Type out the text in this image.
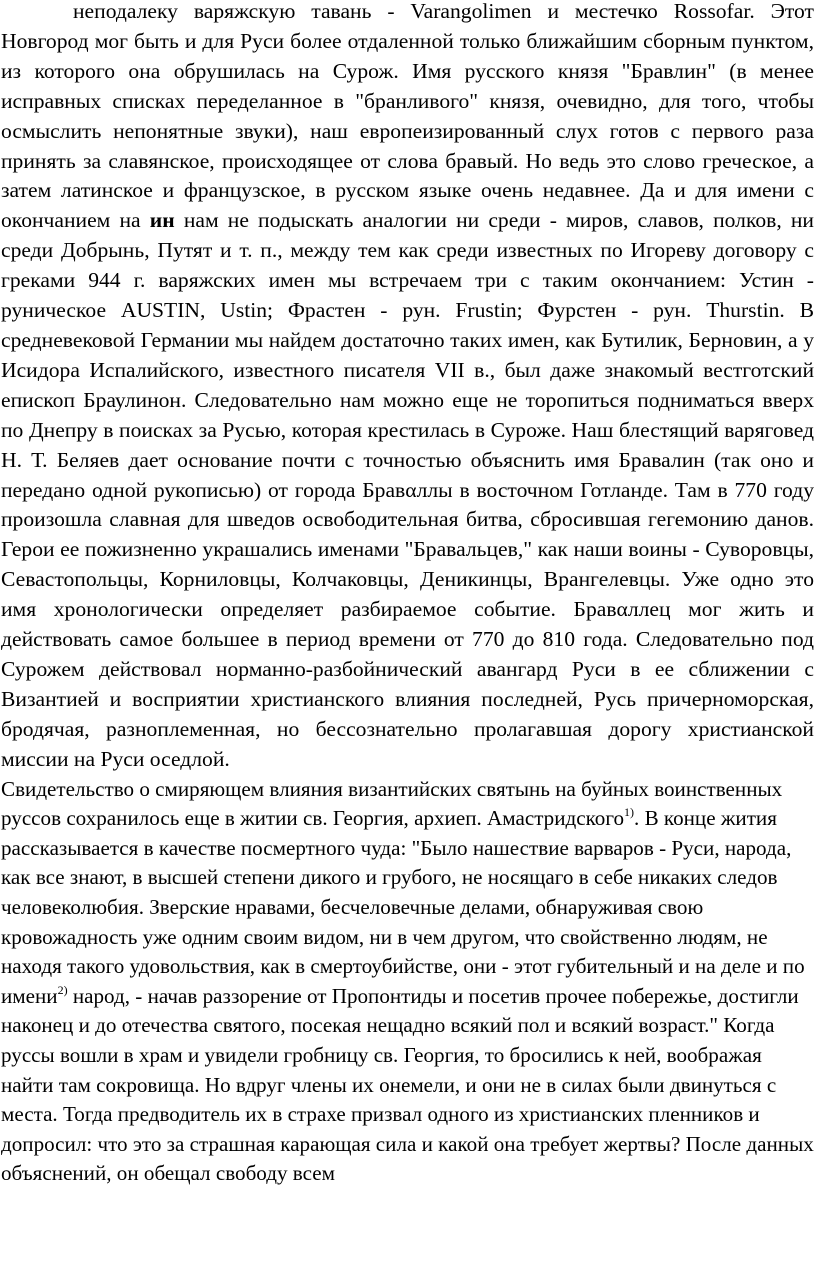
неподалеку варяжскую тавань - Varangolimen и местечко Rossofar. Этот Новгород мог быть и для Руси более отдаленной только ближайшим сборным пунктом, из которого она обрушилась на Сурож. Имя русского князя "Бравлин" (в менее исправных списках переделанное в "бранливого" князя, очевидно, для того, чтобы осмыслить непонятные звуки), наш европеизированный слух готов с первого раза принять за славянское, происходящее от слова бравый. Но ведь это слово греческое, а затем латинское и французское, в русском языке очень недавнее. Да и для имени с окончанием на ин нам не подыскать аналогии ни среди - миров, славов, полков, ни среди Добрынь, Путят и т. п., между тем как среди известных по Игореву договору с греками 944 г. варяжских имен мы встречаем три с таким окончанием: Устин - руническое AUSTIN, Ustin; Фрастен - рун. Frustin; Фурстен - рун. Thurstin. В средневековой Германии мы найдем достаточно таких имен, как Бутилик, Берновин, а у Исидора Испалийского, известного писателя VII в., был даже знакомый вестготский епископ Браулинон. Следовательно нам можно еще не торопиться подниматься вверх по Днепру в поисках за Русью, которая крестилась в Суроже. Наш блестящий варяговед Н. Т. Беляев дает основание почти с точностью объяснить имя Бравалин (так оно и передано одной рукописью) от города Бравαллы в восточном Готланде. Там в 770 году произошла славная для шведов освободительная битва, сбросившая гегемонию данов. Герои ее пожизненно украшались именами "Бравальцев," как наши воины - Суворовцы, Севастопольцы, Корниловцы, Колчаковцы, Деникинцы, Врангелевцы. Уже одно это имя хронологически определяет разбираемое событие. Бравαллец мог жить и действовать самое большее в период времени от 770 до 810 года. Следовательно под Сурожем действовал норманно-разбойнический авангард Руси в ее сближении с Византией и восприятии христианского влияния последней, Русь причерноморская, бродячая, разноплеменная, но бессознательно пролагавшая дорогу христианской миссии на Руси оседлой.

Свидетельство о смиряющем влияния византийских святынь на буйных воинственных руссов сохранилось еще в житии св. Георгия, архиеп. Амастридского$^{1)}$. В конце жития рассказывается в качестве посмертного чуда: "Было нашествие варваров - Руси, народа, как все знают, в высшей степени дикого и грубого, не носящаго в себе никаких следов человеколюбия. Зверские нравами, бесчеловечные делами, обнаруживая свою кровожадность уже одним своим видом, ни в чем другом, что свойственно людям, не находя такого удовольствия, как в смертоубийстве, они - этот губительный и на деле и по имени$^{2)}$ народ, - начав раззорение от Пропонтиды и посетив прочее побережье, достигли наконец и до отечества святого, посекая нещадно всякий пол и всякий возраст." Когда руссы вошли в храм и увидели гробницу св. Георгия, то бросились к ней, воображая найти там сокровища. Но вдруг члены их онемели, и они не в силах были двинуться с места. Тогда предводитель их в страхе призвал одного из христианских пленников и допросил: что это за страшная карающая сила и какой она требует жертвы? После данных объяснений, он обещал свободу всем
